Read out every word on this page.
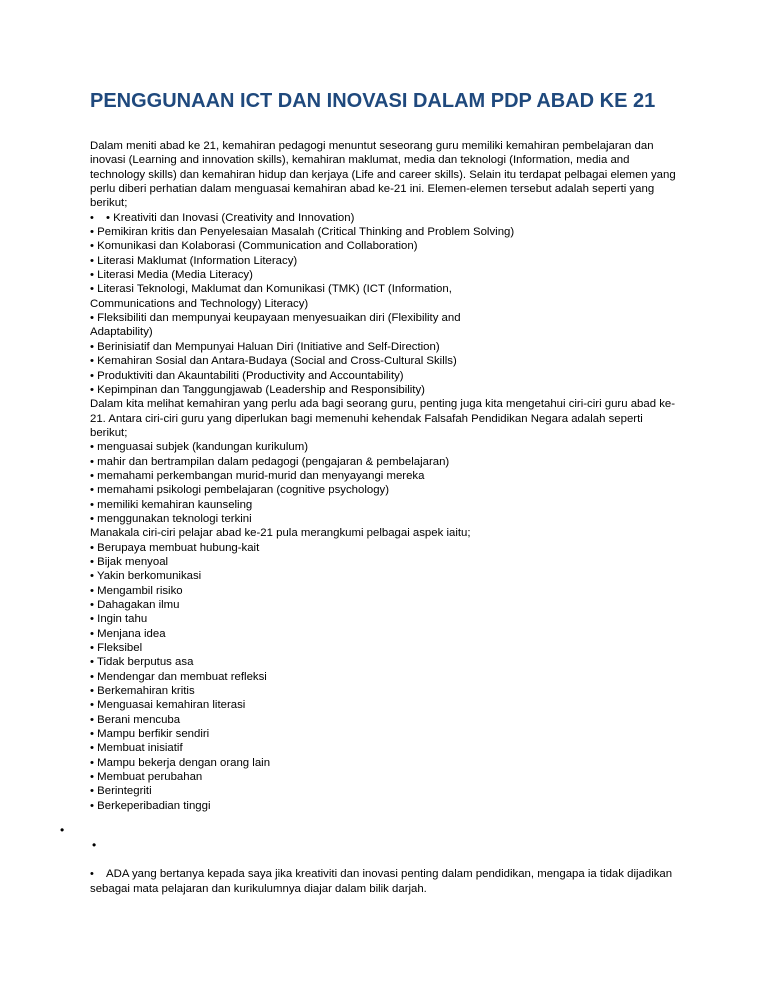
PENGGUNAAN ICT DAN INOVASI DALAM PDP ABAD KE 21

Dalam meniti abad ke 21, kemahiran pedagogi menuntut seseorang guru memiliki kemahiran pembelajaran dan inovasi (Learning and innovation skills), kemahiran maklumat, media dan teknologi (Information, media and technology skills) dan kemahiran hidup dan kerjaya (Life and career skills). Selain itu terdapat pelbagai elemen yang perlu diberi perhatian dalam menguasai kemahiran abad ke-21 ini. Elemen-elemen tersebut adalah seperti yang berikut;

•	• Kreativiti dan Inovasi (Creativity and Innovation)

• Pemikiran kritis dan Penyelesaian Masalah (Critical Thinking and Problem Solving)

• Komunikasi dan Kolaborasi (Communication and Collaboration)

• Literasi Maklumat (Information Literacy)

• Literasi Media (Media Literacy)

• Literasi Teknologi, Maklumat dan Komunikasi (TMK) (ICT (Information, Communications and Technology) Literacy)

• Fleksibiliti dan mempunyai keupayaan menyesuaikan diri (Flexibility and Adaptability)

• Berinisiatif dan Mempunyai Haluan Diri (Initiative and Self-Direction)

• Kemahiran Sosial dan Antara-Budaya (Social and Cross-Cultural Skills)

• Produktiviti dan Akauntabiliti (Productivity and Accountability)

• Kepimpinan dan Tanggungjawab (Leadership and Responsibility)

Dalam kita melihat kemahiran yang perlu ada bagi seorang guru, penting juga kita mengetahui ciri-ciri guru abad ke-21. Antara ciri-ciri guru yang diperlukan bagi memenuhi kehendak Falsafah Pendidikan Negara adalah seperti berikut;

• menguasai subjek (kandungan kurikulum)

• mahir dan bertrampilan dalam pedagogi (pengajaran & pembelajaran)

• memahami perkembangan murid-murid dan menyayangi mereka

• memahami psikologi pembelajaran (cognitive psychology)

• memiliki kemahiran kaunseling

• menggunakan teknologi terkini

Manakala ciri-ciri pelajar abad ke-21 pula merangkumi pelbagai aspek iaitu;

• Berupaya membuat hubung-kait

• Bijak menyoal

• Yakin berkomunikasi

• Mengambil risiko

• Dahagakan ilmu

• Ingin tahu

• Menjana idea

• Fleksibel

• Tidak berputus asa

• Mendengar dan membuat refleksi

• Berkemahiran kritis

• Menguasai kemahiran literasi

• Berani mencuba

• Mampu berfikir sendiri

• Membuat inisiatif

• Mampu bekerja dengan orang lain

• Membuat perubahan

• Berintegriti

• Berkeperibadian tinggi

•
•
• ADA yang bertanya kepada saya jika kreativiti dan inovasi penting dalam pendidikan, mengapa ia tidak dijadikan sebagai mata pelajaran dan kurikulumnya diajar dalam bilik darjah.
